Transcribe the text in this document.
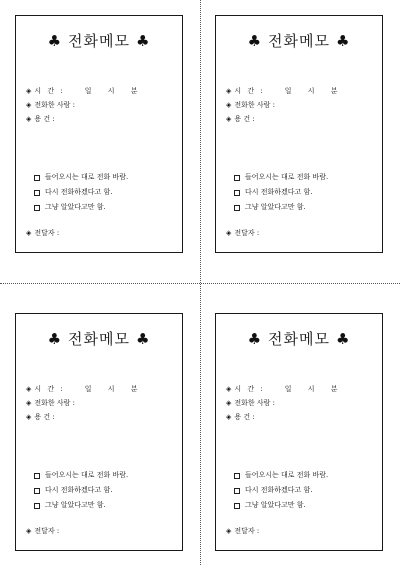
♣ 전화메모 ♣
◈ 시 간 :	일 시 분
◈ 전화한 사람 :
◈ 용 건 :
들어오시는 대로 전화 바람.
다시 전화하겠다고 함.
그냥 알았다고만 함.
◈ 전달자 :
♣ 전화메모 ♣
◈ 시 간 :	일 시 분
◈ 전화한 사람 :
◈ 용 건 :
들어오시는 대로 전화 바람.
다시 전화하겠다고 함.
그냥 알았다고만 함.
◈ 전달자 :
♣ 전화메모 ♣
◈ 시 간 :	일 시 분
◈ 전화한 사람 :
◈ 용 건 :
들어오시는 대로 전화 바람.
다시 전화하겠다고 함.
그냥 알았다고만 함.
◈ 전달자 :
♣ 전화메모 ♣
◈ 시 간 :	일 시 분
◈ 전화한 사람 :
◈ 용 건 :
들어오시는 대로 전화 바람.
다시 전화하겠다고 함.
그냥 알았다고만 함.
◈ 전달자 :
